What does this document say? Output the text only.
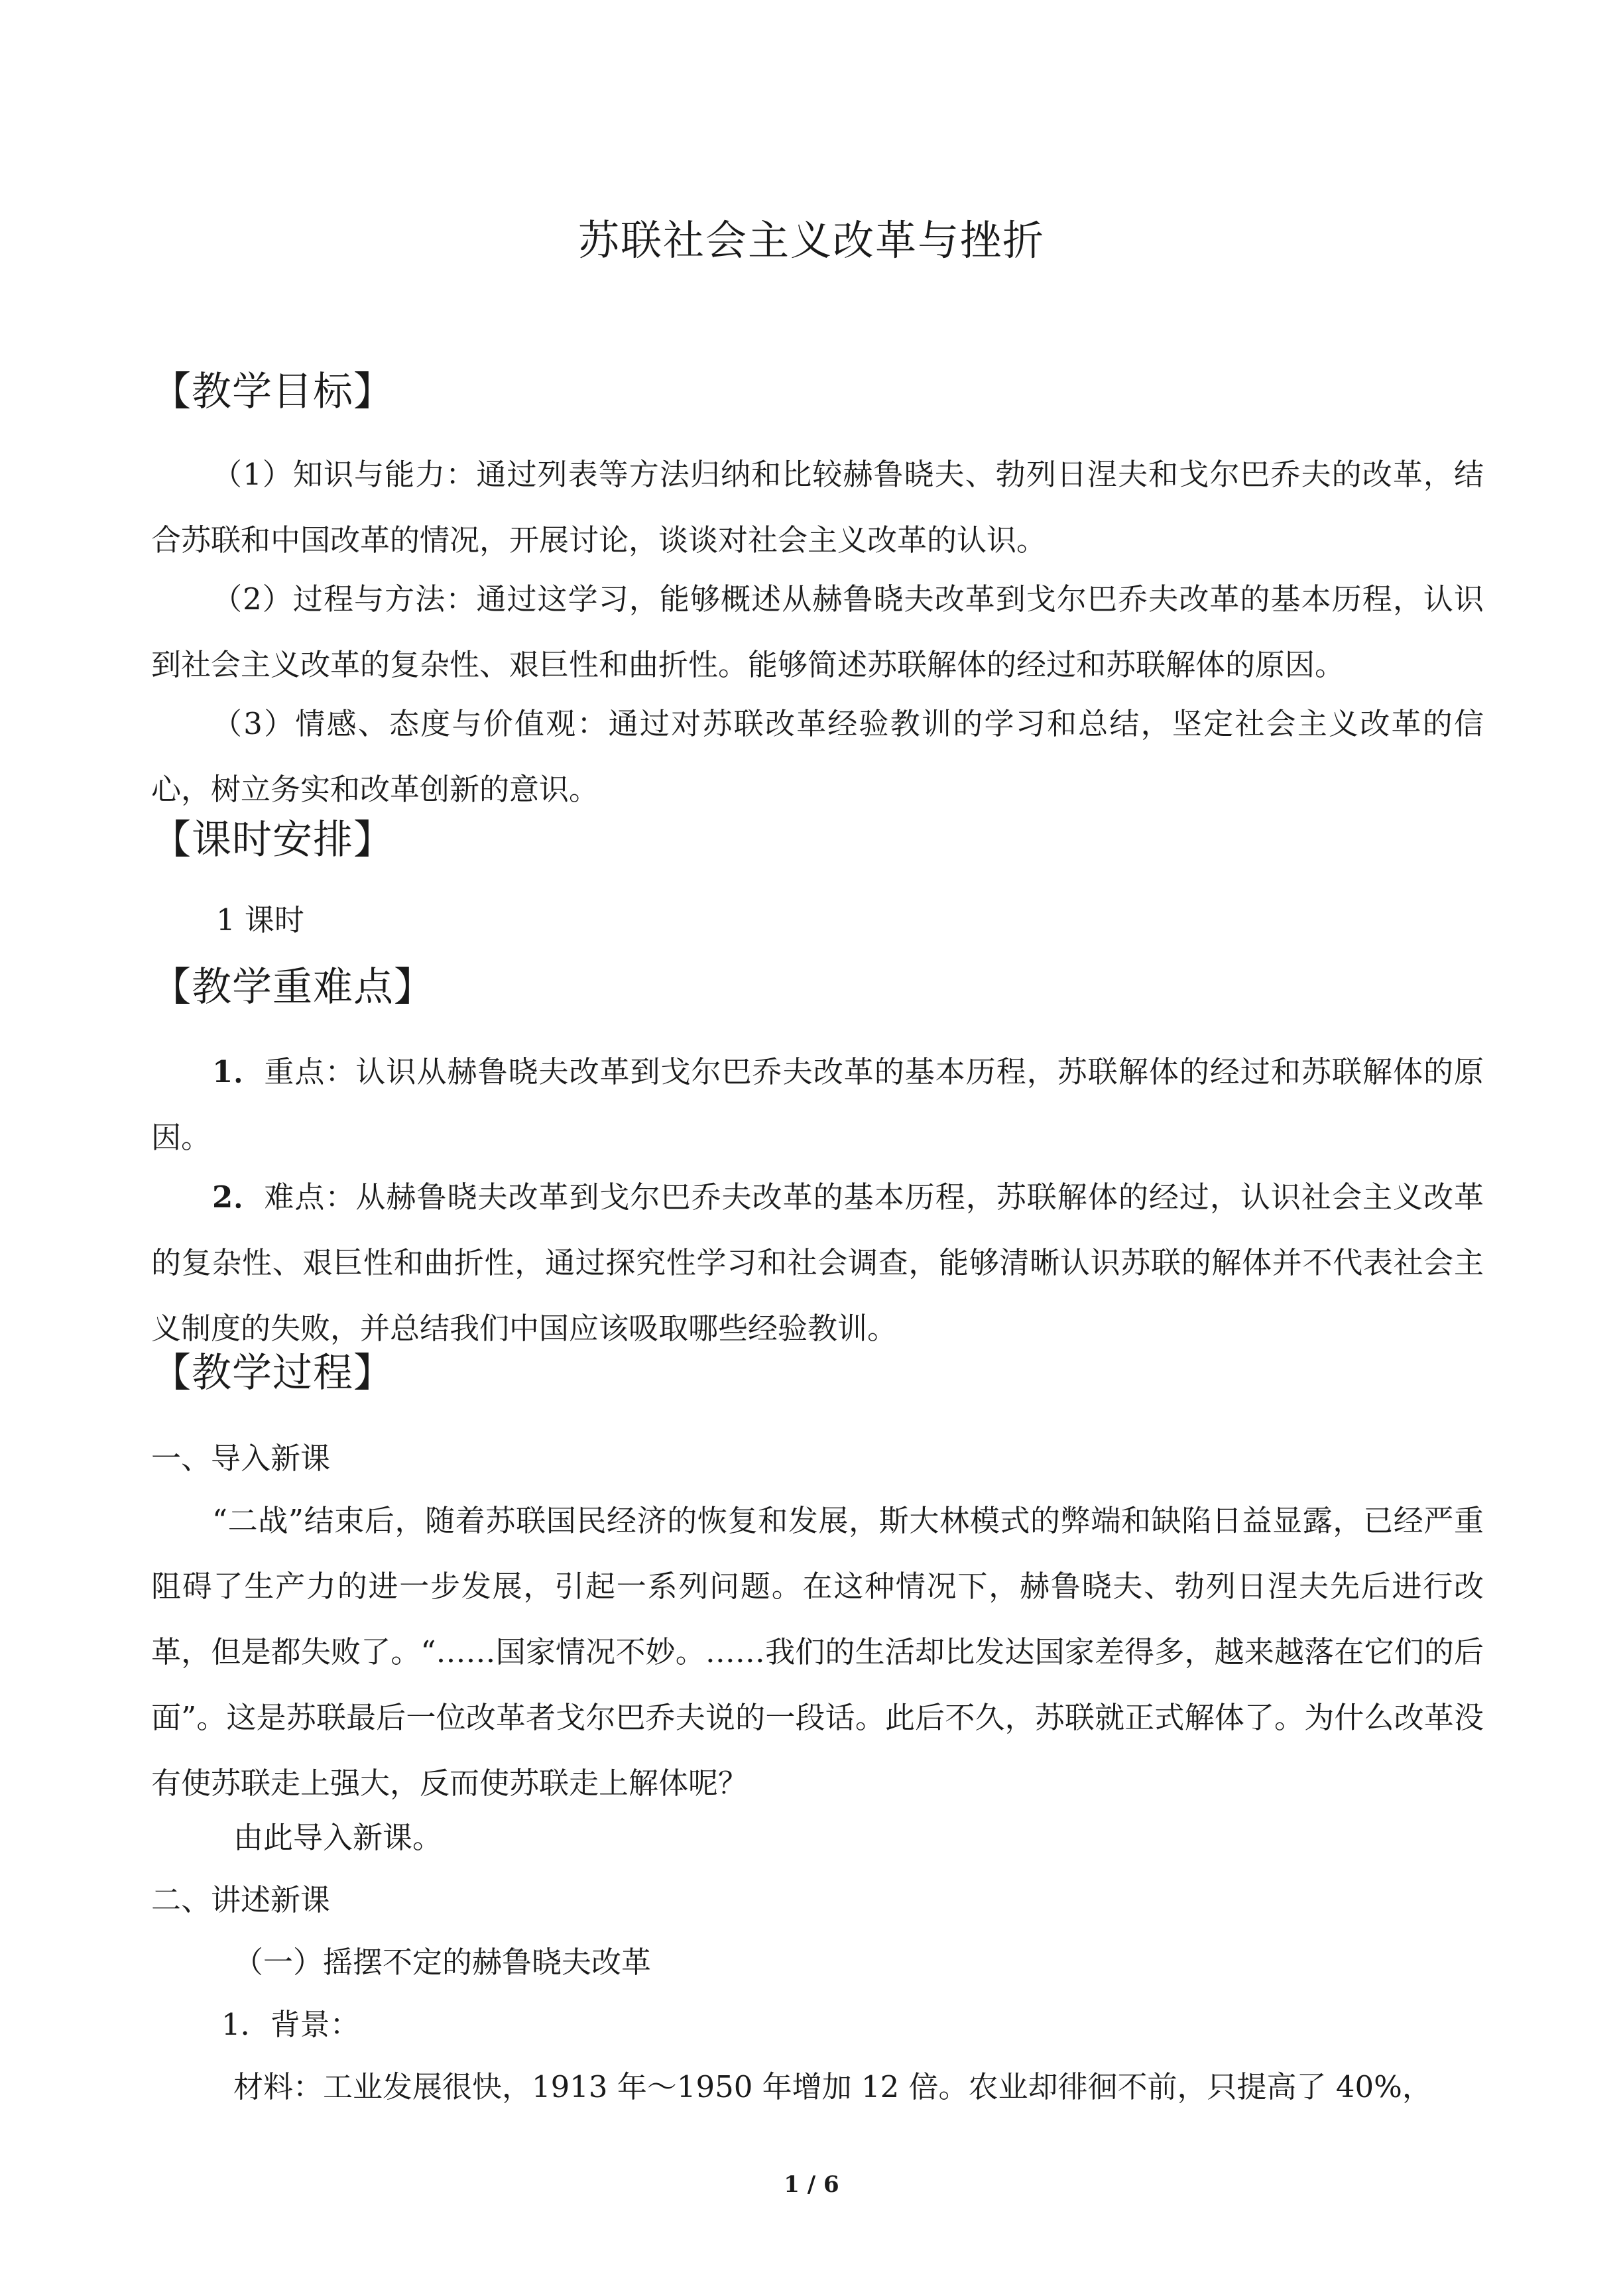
苏联社会主义改革与挫折
【教学目标】
（1）知识与能力：通过列表等方法归纳和比较赫鲁晓夫、勃列日涅夫和戈尔巴乔夫的改革，结合苏联和中国改革的情况，开展讨论，谈谈对社会主义改革的认识。
（2）过程与方法：通过这学习，能够概述从赫鲁晓夫改革到戈尔巴乔夫改革的基本历程，认识到社会主义改革的复杂性、艰巨性和曲折性。能够简述苏联解体的经过和苏联解体的原因。
（3）情感、态度与价值观：通过对苏联改革经验教训的学习和总结，坚定社会主义改革的信心，树立务实和改革创新的意识。
【课时安排】
1 课时
【教学重难点】
1．重点：认识从赫鲁晓夫改革到戈尔巴乔夫改革的基本历程，苏联解体的经过和苏联解体的原因。
2．难点：从赫鲁晓夫改革到戈尔巴乔夫改革的基本历程，苏联解体的经过，认识社会主义改革的复杂性、艰巨性和曲折性，通过探究性学习和社会调查，能够清晰认识苏联的解体并不代表社会主义制度的失败，并总结我们中国应该吸取哪些经验教训。
【教学过程】
一、导入新课
“二战”结束后，随着苏联国民经济的恢复和发展，斯大林模式的弊端和缺陷日益显露，已经严重阻碍了生产力的进一步发展，引起一系列问题。在这种情况下，赫鲁晓夫、勃列日涅夫先后进行改革，但是都失败了。“……国家情况不妙。……我们的生活却比发达国家差得多，越来越落在它们的后面”。这是苏联最后一位改革者戈尔巴乔夫说的一段话。此后不久，苏联就正式解体了。为什么改革没有使苏联走上强大，反而使苏联走上解体呢？
由此导入新课。
二、讲述新课
（一）摇摆不定的赫鲁晓夫改革
1．背景：
材料：工业发展很快，1913 年～1950 年增加 12 倍。农业却徘徊不前，只提高了 40%，
1 / 6
